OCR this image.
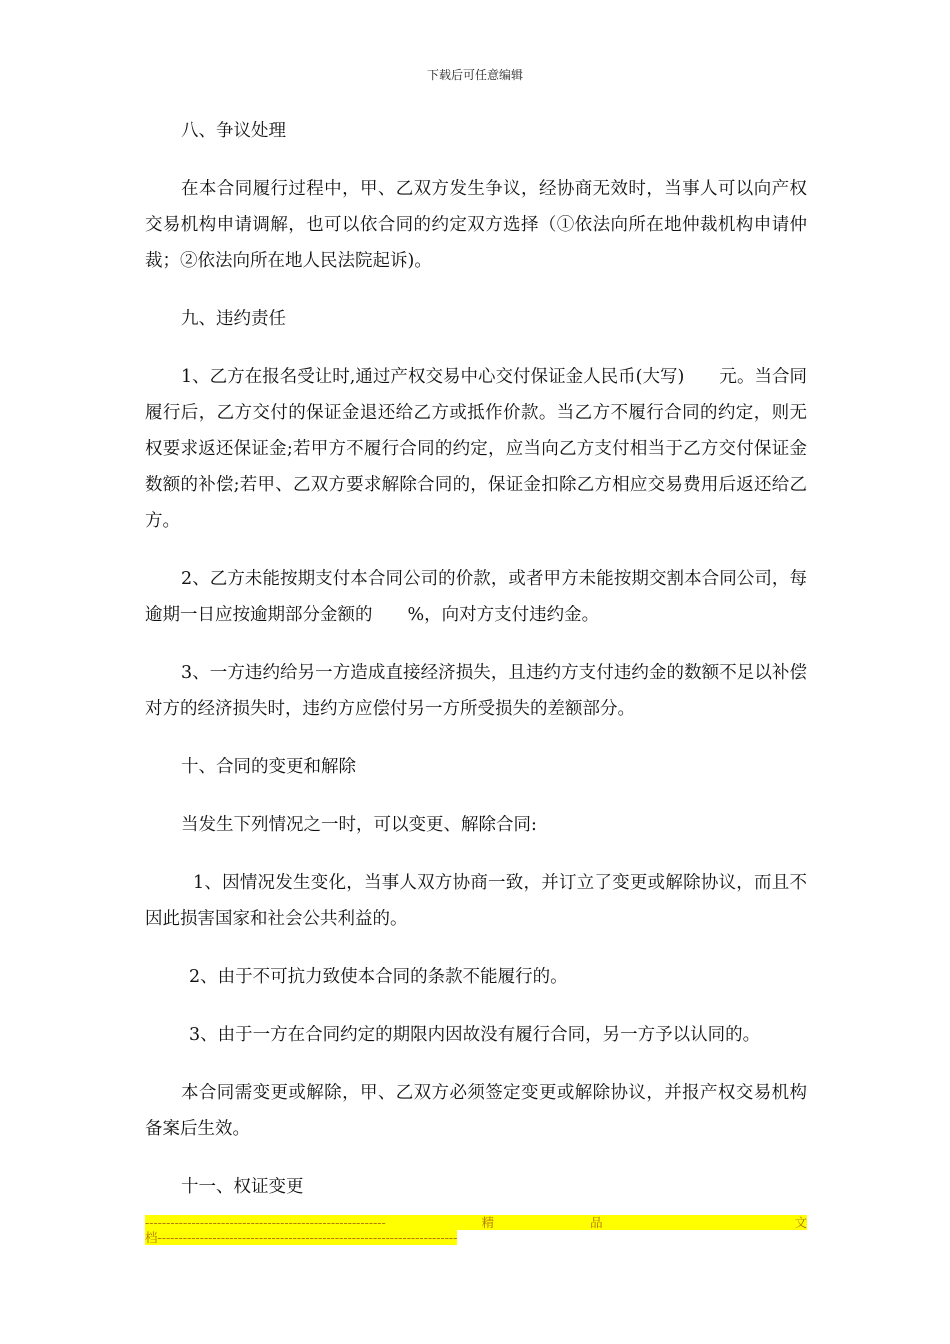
下载后可任意编辑

八、争议处理

在本合同履行过程中，甲、乙双方发生争议，经协商无效时，当事人可以向产权交易机构申请调解，也可以依合同的约定双方选择（①依法向所在地仲裁机构申请仲裁；②依法向所在地人民法院起诉)。

九、违约责任

1、乙方在报名受让时,通过产权交易中心交付保证金人民币(大写)　　元。当合同履行后，乙方交付的保证金退还给乙方或抵作价款。当乙方不履行合同的约定，则无权要求返还保证金;若甲方不履行合同的约定，应当向乙方支付相当于乙方交付保证金数额的补偿;若甲、乙双方要求解除合同的，保证金扣除乙方相应交易费用后返还给乙方。

2、乙方未能按期支付本合同公司的价款，或者甲方未能按期交割本合同公司，每逾期一日应按逾期部分金额的　　%，向对方支付违约金。

3、一方违约给另一方造成直接经济损失，且违约方支付违约金的数额不足以补偿对方的经济损失时，违约方应偿付另一方所受损失的差额部分。

十、合同的变更和解除

当发生下列情况之一时，可以变更、解除合同:

1、因情况发生变化，当事人双方协商一致，并订立了变更或解除协议，而且不因此损害国家和社会公共利益的。

2、由于不可抗力致使本合同的条款不能履行的。

3、由于一方在合同约定的期限内因故没有履行合同，另一方予以认同的。

本合同需变更或解除，甲、乙双方必须签定变更或解除协议，并报产权交易机构备案后生效。

十一、权证变更

---------------------------------------------------------	精	品	文
档-----------------------------------------------------------------------
